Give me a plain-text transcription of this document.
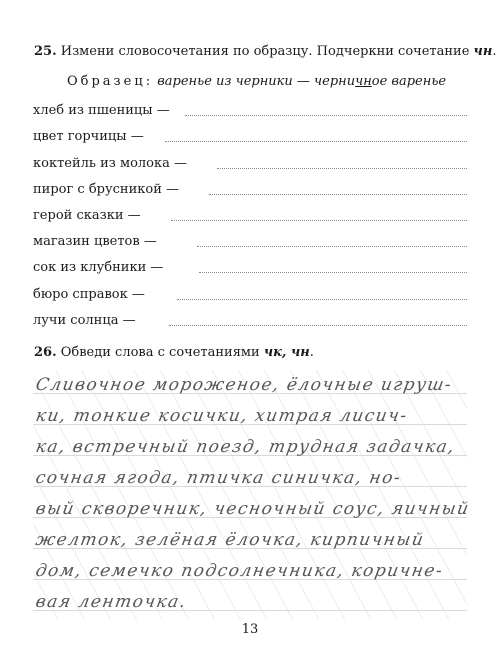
25. Измени словосочетания по образцу. Подчеркни сочетание чн.
Образец: варенье из черники — черничное варенье
хлеб из пшеницы —
цвет горчицы —
коктейль из молока —
пирог с брусникой —
герой сказки —
магазин цветов —
сок из клубники —
бюро справок —
лучи солнца —
26. Обведи слова с сочетаниями чк, чн.
Сливочное мороженое, ёлочные игруш-
ки, тонкие косички, хитрая лисич-
ка, встречный поезд, трудная задачка,
сочная ягода, птичка синичка, но-
вый скворечник, чесночный соус, яичный
желток, зелёная ёлочка, кирпичный
дом, семечко подсолнечника, коричне-
вая ленточка.
13
